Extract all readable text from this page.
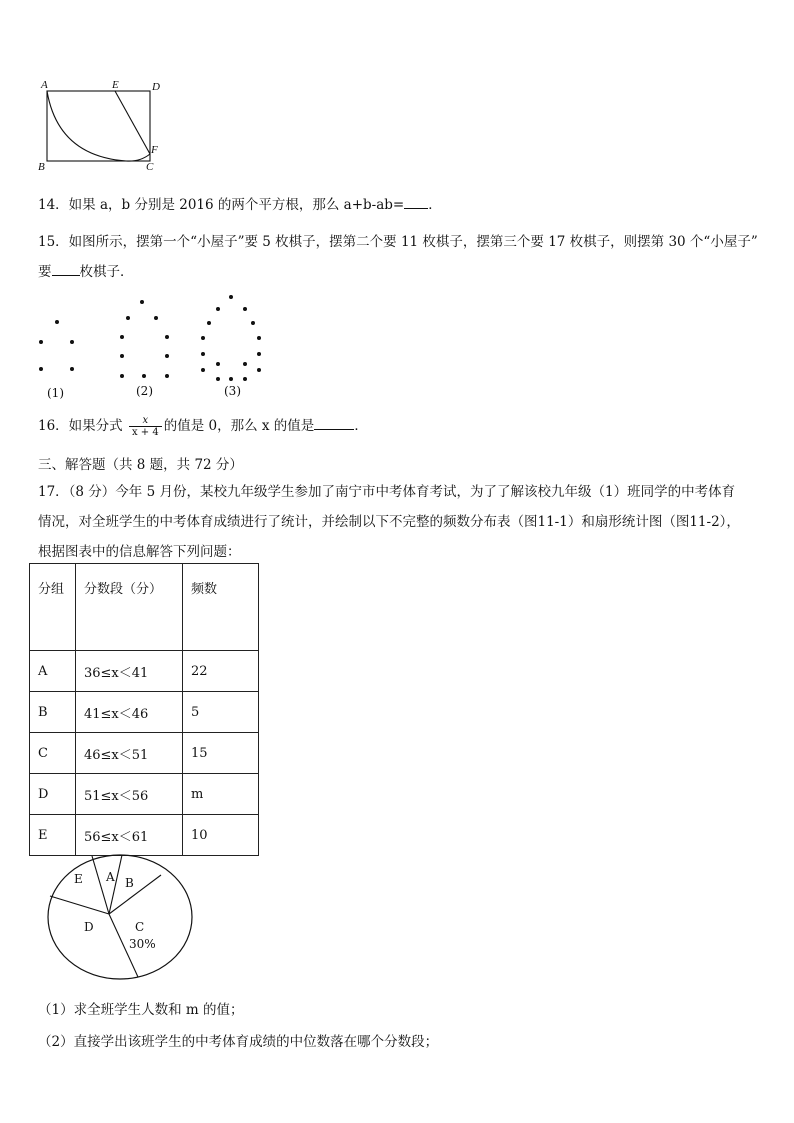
A	E	D
B
F
C
14．如果 a，b 分别是 2016 的两个平方根，那么 a+b-ab= ．
15．如图所示，摆第一个“小屋子”要 5 枚棋子，摆第二个要 11 枚棋子，摆第三个要 17 枚棋子，则摆第 30 个“小屋子”
要 枚棋子．
(1)	(2)	(3)
16．如果分式 $\frac{x}{x + 4}$ 的值是 0，那么 x 的值是	．
三、解答题（共 8 题，共 72 分）
17．（8 分）今年 5 月份，某校九年级学生参加了南宁市中考体育考试，为了了解该校九年级（1）班同学的中考体育
情况，对全班学生的中考体育成绩进行了统计，并绘制以下不完整的频数分布表（图11-1）和扇形统计图（图11-2），
根据图表中的信息解答下列问题：
分组	分数段（分）	频数
A	36≤x＜41	22
B	41≤x＜46	5
C	46≤x＜51	15
D	51≤x＜56	m
E	56≤x＜61	10
E A B
C
D
30%
（1）求全班学生人数和 m 的值；
（2）直接学出该班学生的中考体育成绩的中位数落在哪个分数段；
